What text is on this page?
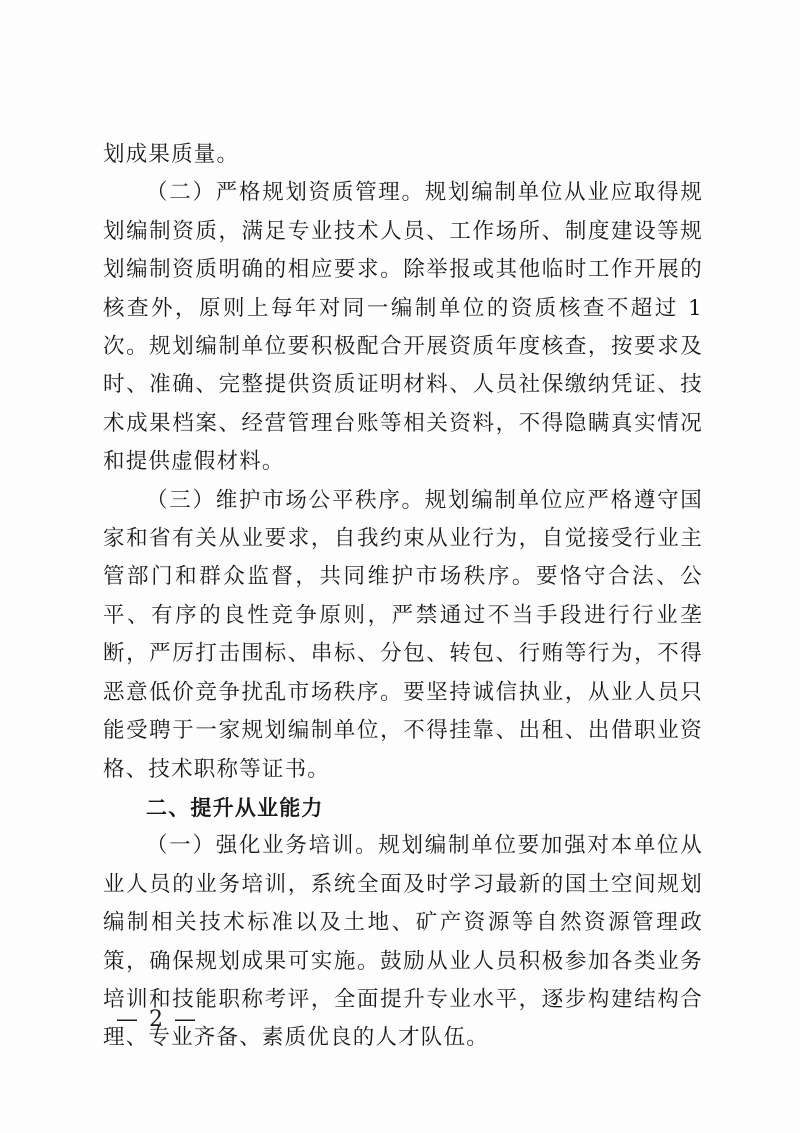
划成果质量。

（二）严格规划资质管理。规划编制单位从业应取得规划编制资质，满足专业技术人员、工作场所、制度建设等规划编制资质明确的相应要求。除举报或其他临时工作开展的核查外，原则上每年对同一编制单位的资质核查不超过 1 次。规划编制单位要积极配合开展资质年度核查，按要求及时、准确、完整提供资质证明材料、人员社保缴纳凭证、技术成果档案、经营管理台账等相关资料，不得隐瞒真实情况和提供虚假材料。

（三）维护市场公平秩序。规划编制单位应严格遵守国家和省有关从业要求，自我约束从业行为，自觉接受行业主管部门和群众监督，共同维护市场秩序。要恪守合法、公平、有序的良性竞争原则，严禁通过不当手段进行行业垄断，严厉打击围标、串标、分包、转包、行贿等行为，不得恶意低价竞争扰乱市场秩序。要坚持诚信执业，从业人员只能受聘于一家规划编制单位，不得挂靠、出租、出借职业资格、技术职称等证书。

二、提升从业能力

（一）强化业务培训。规划编制单位要加强对本单位从业人员的业务培训，系统全面及时学习最新的国土空间规划编制相关技术标准以及土地、矿产资源等自然资源管理政策，确保规划成果可实施。鼓励从业人员积极参加各类业务培训和技能职称考评，全面提升专业水平，逐步构建结构合理、专业齐备、素质优良的人才队伍。

— 2 —
